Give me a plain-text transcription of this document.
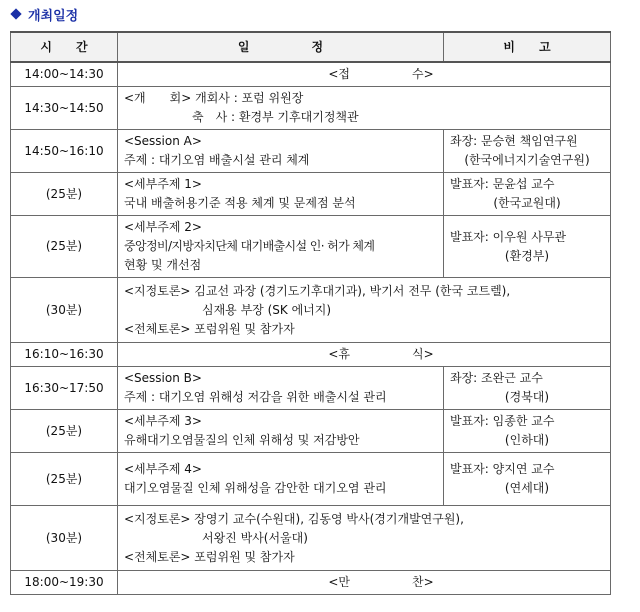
개최일정
시 간	일 정	비 고

14:00~14:30	<접 수>	

14:30~14:50	<개　　회> 개회사 : 포럼 위원장
축　사 : 환경부 기후대기정책관	

14:50~16:10	<Session A>
주제 : 대기오염 배출시설 관리 체계	좌장: 문승현 책임연구원
(한국에너지기술연구원)

(25분)	<세부주제 1>
국내 배출허용기준 적용 체계 및 문제점 분석	발표자: 문윤섭 교수
(한국교원대)

(25분)	<세부주제 2>
중앙정비/지방자치단체 대기배출시설 인· 허가 체계
현황 및 개선점	발표자: 이우원 사무관
(환경부)

(30분)	<지정토론> 김교선 과장 (경기도기후대기과), 박기서 전무 (한국 코트렐),
심재용 부장 (SK 에너지)
<전체토론> 포럼위원 및 참가자	

16:10~16:30	<휴 식>	

16:30~17:50	<Session B>
주제 : 대기오염 위해성 저감을 위한 배출시설 관리	좌장: 조완근 교수
(경북대)

(25분)	<세부주제 3>
유해대기오염물질의 인체 위해성 및 저감방안	발표자: 임종한 교수
(인하대)

(25분)	<세부주제 4>
대기오염물질 인체 위해성을 감안한 대기오염 관리	발표자: 양지연 교수
(연세대)

(30분)	<지정토론> 장영기 교수(수원대), 김동영 박사(경기개발연구원),
서왕진 박사(서울대)
<전체토론> 포럼위원 및 참가자	

18:00~19:30	<만 찬>	
